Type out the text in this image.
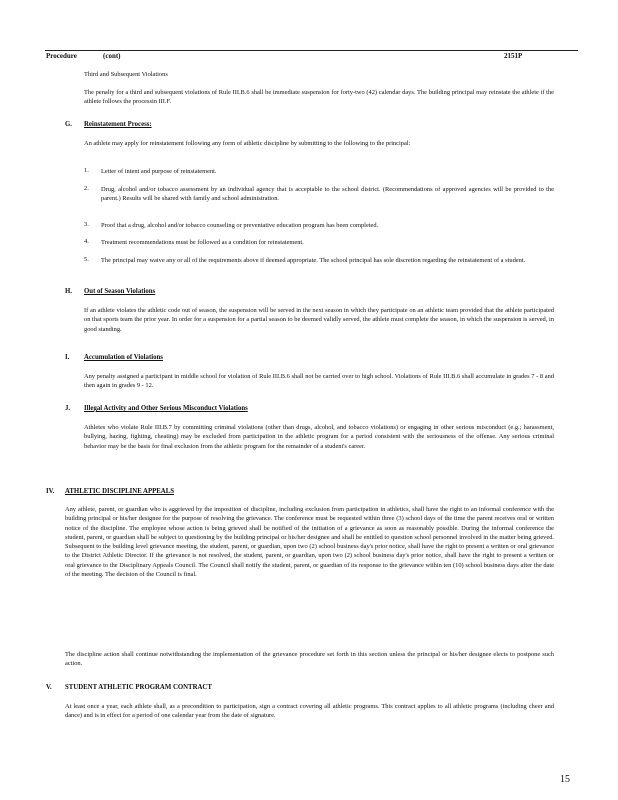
Procedure	(cont)	2151P
Third and Subsequent Violations
The penalty for a third and subsequent violations of Rule III.B.6 shall be immediate suspension for forty-two (42) calendar days. The building principal may reinstate the athlete if the athlete follows the processin III.F.
G. Reinstatement Process:
An athlete may apply for reinstatement following any form of athletic discipline by submitting to the following to the principal:
1. Letter of intent and purpose of reinstatement.
2. Drug, alcohol and/or tobacco assessment by an individual agency that is acceptable to the school district. (Recommendations of approved agencies will be provided to the parent.) Results will be shared with family and school administration.
3. Proof that a drug, alcohol and/or tobacco counseling or preventative education program has been completed.
4. Treatment recommendations must be followed as a condition for reinstatement.
5. The principal may waive any or all of the requirements above if deemed appropriate. The school principal has sole discretion regarding the reinstatement of a student.
H. Out of Season Violations
If an athlete violates the athletic code out of season, the suspension will be served in the next season in which they participate on an athletic team provided that the athlete participated on that sports team the prior year. In order for a suspension for a partial season to be deemed validly served, the athlete must complete the season, in which the suspension is served, in good standing.
I. Accumulation of Violations
Any penalty assigned a participant in middle school for violation of Rule III.B.6 shall not be carried over to high school. Violations of Rule III.B.6 shall accumulate in grades 7 - 8 and then again in grades 9 - 12.
J. Illegal Activity and Other Serious Misconduct Violations
Athletes who violate Rule III.B.7 by committing criminal violations (other than drugs, alcohol, and tobacco violations) or engaging in other serious misconduct (e.g.; harassment, bullying, hazing, fighting, cheating) may be excluded from participation in the athletic program for a period consistent with the seriousness of the offense. Any serious criminal behavior may be the basis for final exclusion from the athletic program for the remainder of a student's career.
IV. ATHLETIC DISCIPLINE APPEALS
Any athlete, parent, or guardian who is aggrieved by the imposition of discipline, including exclusion from participation in athletics, shall have the right to an informal conference with the building principal or his/her designee for the purpose of resolving the grievance. The conference must be requested within three (3) school days of the time the parent receives oral or written notice of the discipline. The employee whose action is being grieved shall be notified of the initiation of a grievance as soon as reasonably possible. During the informal conference the student, parent, or guardian shall be subject to questioning by the building principal or his/her designee and shall be entitled to question school personnel involved in the matter being grieved. Subsequent to the building level grievance meeting, the student, parent, or guardian, upon two (2) school business day's prior notice, shall have the right to present a written or oral grievance to the District Athletic Director. If the grievance is not resolved, the student, parent, or guardian, upon two (2) school business day's prior notice, shall have the right to present a written or oral grievance to the Disciplinary Appeals Council. The Council shall notify the student, parent, or guardian of its response to the grievance within ten (10) school business days after the date of the meeting. The decision of the Council is final.
The discipline action shall continue notwithstanding the implementation of the grievance procedure set forth in this section unless the principal or his/her designee elects to postpone such action.
V. STUDENT ATHLETIC PROGRAM CONTRACT
At least once a year, each athlete shall, as a precondition to participation, sign a contract covering all athletic programs. This contract applies to all athletic programs (including cheer and dance) and is in effect for a period of one calendar year from the date of signature.
15
